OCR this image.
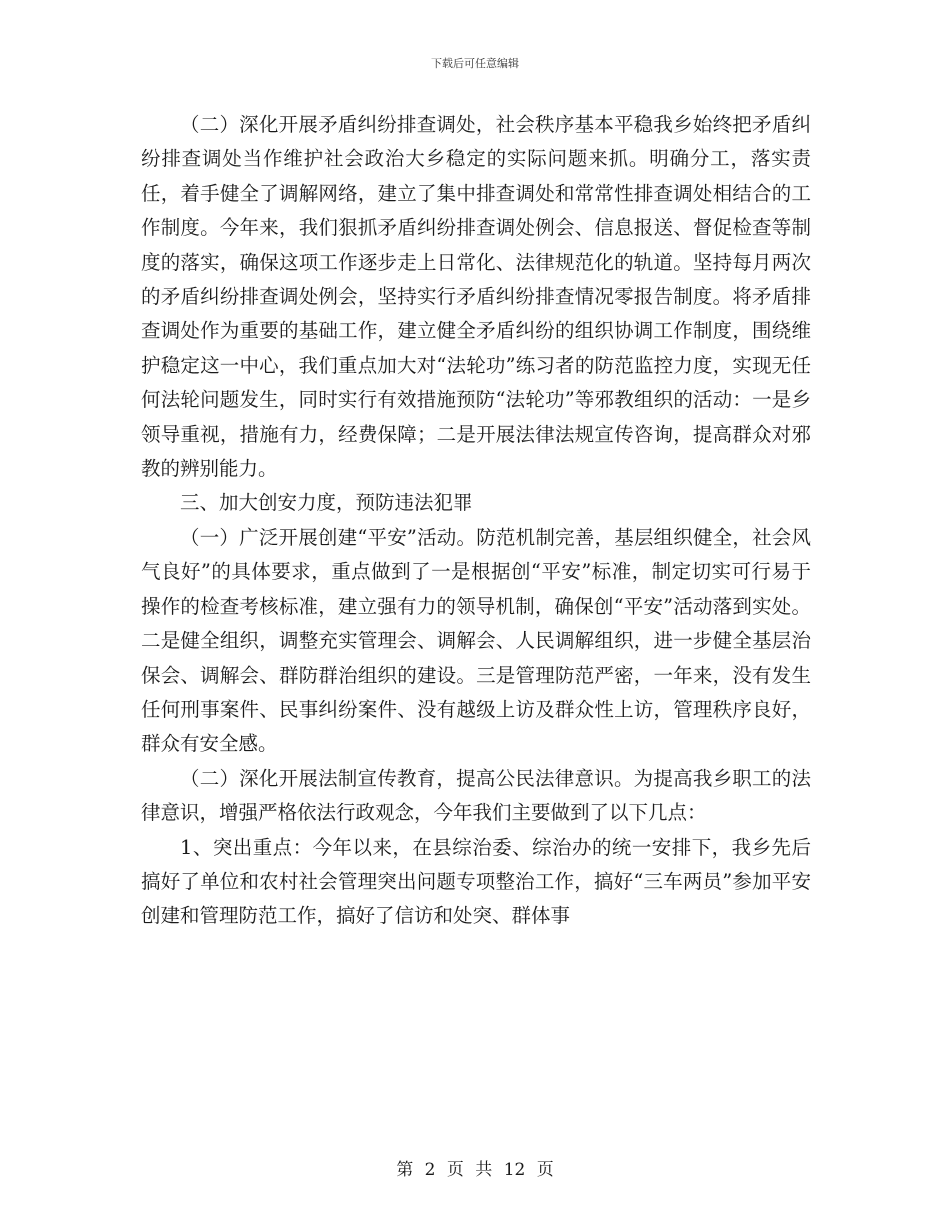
下载后可任意编辑

（二）深化开展矛盾纠纷排查调处，社会秩序基本平稳我乡始终把矛盾纠纷排查调处当作维护社会政治大乡稳定的实际问题来抓。明确分工，落实责任，着手健全了调解网络，建立了集中排查调处和常常性排查调处相结合的工作制度。今年来，我们狠抓矛盾纠纷排查调处例会、信息报送、督促检查等制度的落实，确保这项工作逐步走上日常化、法律规范化的轨道。坚持每月两次的矛盾纠纷排查调处例会，坚持实行矛盾纠纷排查情况零报告制度。将矛盾排查调处作为重要的基础工作，建立健全矛盾纠纷的组织协调工作制度，围绕维护稳定这一中心，我们重点加大对“法轮功”练习者的防范监控力度，实现无任何法轮问题发生，同时实行有效措施预防“法轮功”等邪教组织的活动：一是乡领导重视，措施有力，经费保障；二是开展法律法规宣传咨询，提高群众对邪教的辨别能力。

三、加大创安力度，预防违法犯罪

（一）广泛开展创建“平安”活动。防范机制完善，基层组织健全，社会风气良好”的具体要求，重点做到了一是根据创“平安”标准，制定切实可行易于操作的检查考核标准，建立强有力的领导机制，确保创“平安”活动落到实处。二是健全组织，调整充实管理会、调解会、人民调解组织，进一步健全基层治保会、调解会、群防群治组织的建设。三是管理防范严密，一年来，没有发生任何刑事案件、民事纠纷案件、没有越级上访及群众性上访，管理秩序良好，群众有安全感。

（二）深化开展法制宣传教育，提高公民法律意识。为提高我乡职工的法律意识，增强严格依法行政观念，今年我们主要做到了以下几点：

1、突出重点：今年以来，在县综治委、综治办的统一安排下，我乡先后搞好了单位和农村社会管理突出问题专项整治工作，搞好“三车两员”参加平安创建和管理防范工作，搞好了信访和处突、群体事

第 2 页 共 12 页
